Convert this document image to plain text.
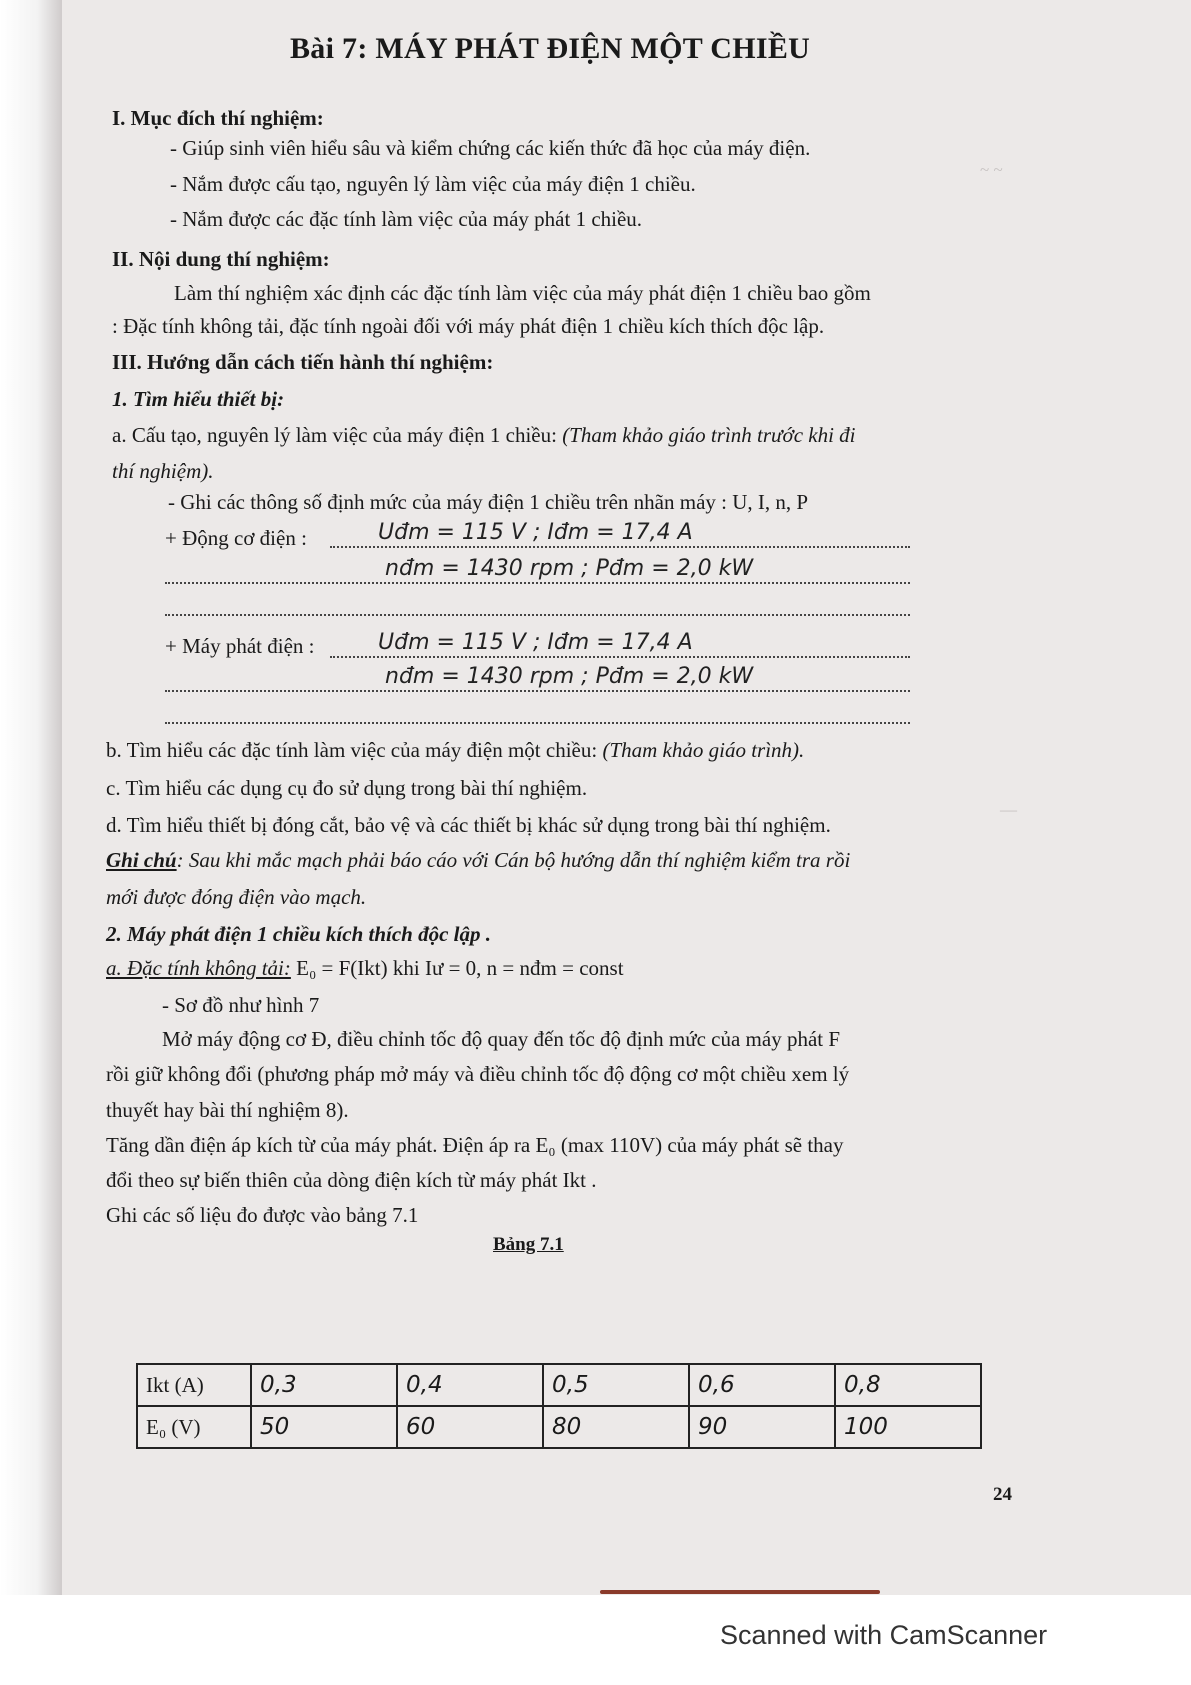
~ ~
—
Bài 7: MÁY PHÁT ĐIỆN MỘT CHIỀU
I. Mục đích thí nghiệm:
- Giúp sinh viên hiểu sâu và kiểm chứng các kiến thức đã học của máy điện.
- Nắm được cấu tạo, nguyên lý làm việc của máy điện 1 chiều.
- Nắm được các đặc tính làm việc của máy phát 1 chiều.
II. Nội dung thí nghiệm:
Làm thí nghiệm xác định các đặc tính làm việc của máy phát điện 1 chiều bao gồm
: Đặc tính không tải, đặc tính ngoài đối với máy phát điện 1 chiều kích thích độc lập.
III. Hướng dẫn cách tiến hành thí nghiệm:
1. Tìm hiểu thiết bị:
a. Cấu tạo, nguyên lý làm việc của máy điện 1 chiều: (Tham khảo giáo trình trước khi đi
thí nghiệm).
- Ghi các thông số định mức của máy điện 1 chiều trên nhãn máy : U, I, n, P
+ Động cơ điện :	Uđm = 115 V ; Iđm = 17,4 A
nđm = 1430 rpm ; Pđm = 2,0 kW
+ Máy phát điện :	Uđm = 115 V ; Iđm = 17,4 A
nđm = 1430 rpm ; Pđm = 2,0 kW
b. Tìm hiểu các đặc tính làm việc của máy điện một chiều: (Tham khảo giáo trình).
c. Tìm hiểu các dụng cụ đo sử dụng trong bài thí nghiệm.
d. Tìm hiểu thiết bị đóng cắt, bảo vệ và các thiết bị khác sử dụng trong bài thí nghiệm.
Ghi chú: Sau khi mắc mạch phải báo cáo với Cán bộ hướng dẫn thí nghiệm kiểm tra rồi
mới được đóng điện vào mạch.
2. Máy phát điện 1 chiều kích thích độc lập .
a. Đặc tính không tải: E₀ = F(Ikt) khi Iư = 0, n = nđm = const
- Sơ đồ như hình 7
Mở máy động cơ Đ, điều chỉnh tốc độ quay đến tốc độ định mức của máy phát F
rồi giữ không đổi (phương pháp mở máy và điều chỉnh tốc độ động cơ một chiều xem lý
thuyết hay bài thí nghiệm 8).
Tăng dần điện áp kích từ của máy phát. Điện áp ra E₀ (max 110V) của máy phát sẽ thay
đổi theo sự biến thiên của dòng điện kích từ máy phát Ikt .
Ghi các số liệu đo được vào bảng 7.1
Bảng 7.1
Ikt (A)	0,3	0,4	0,5	0,6	0,8
E₀ (V)	50	60	80	90	100
24
Scanned with CamScanner
